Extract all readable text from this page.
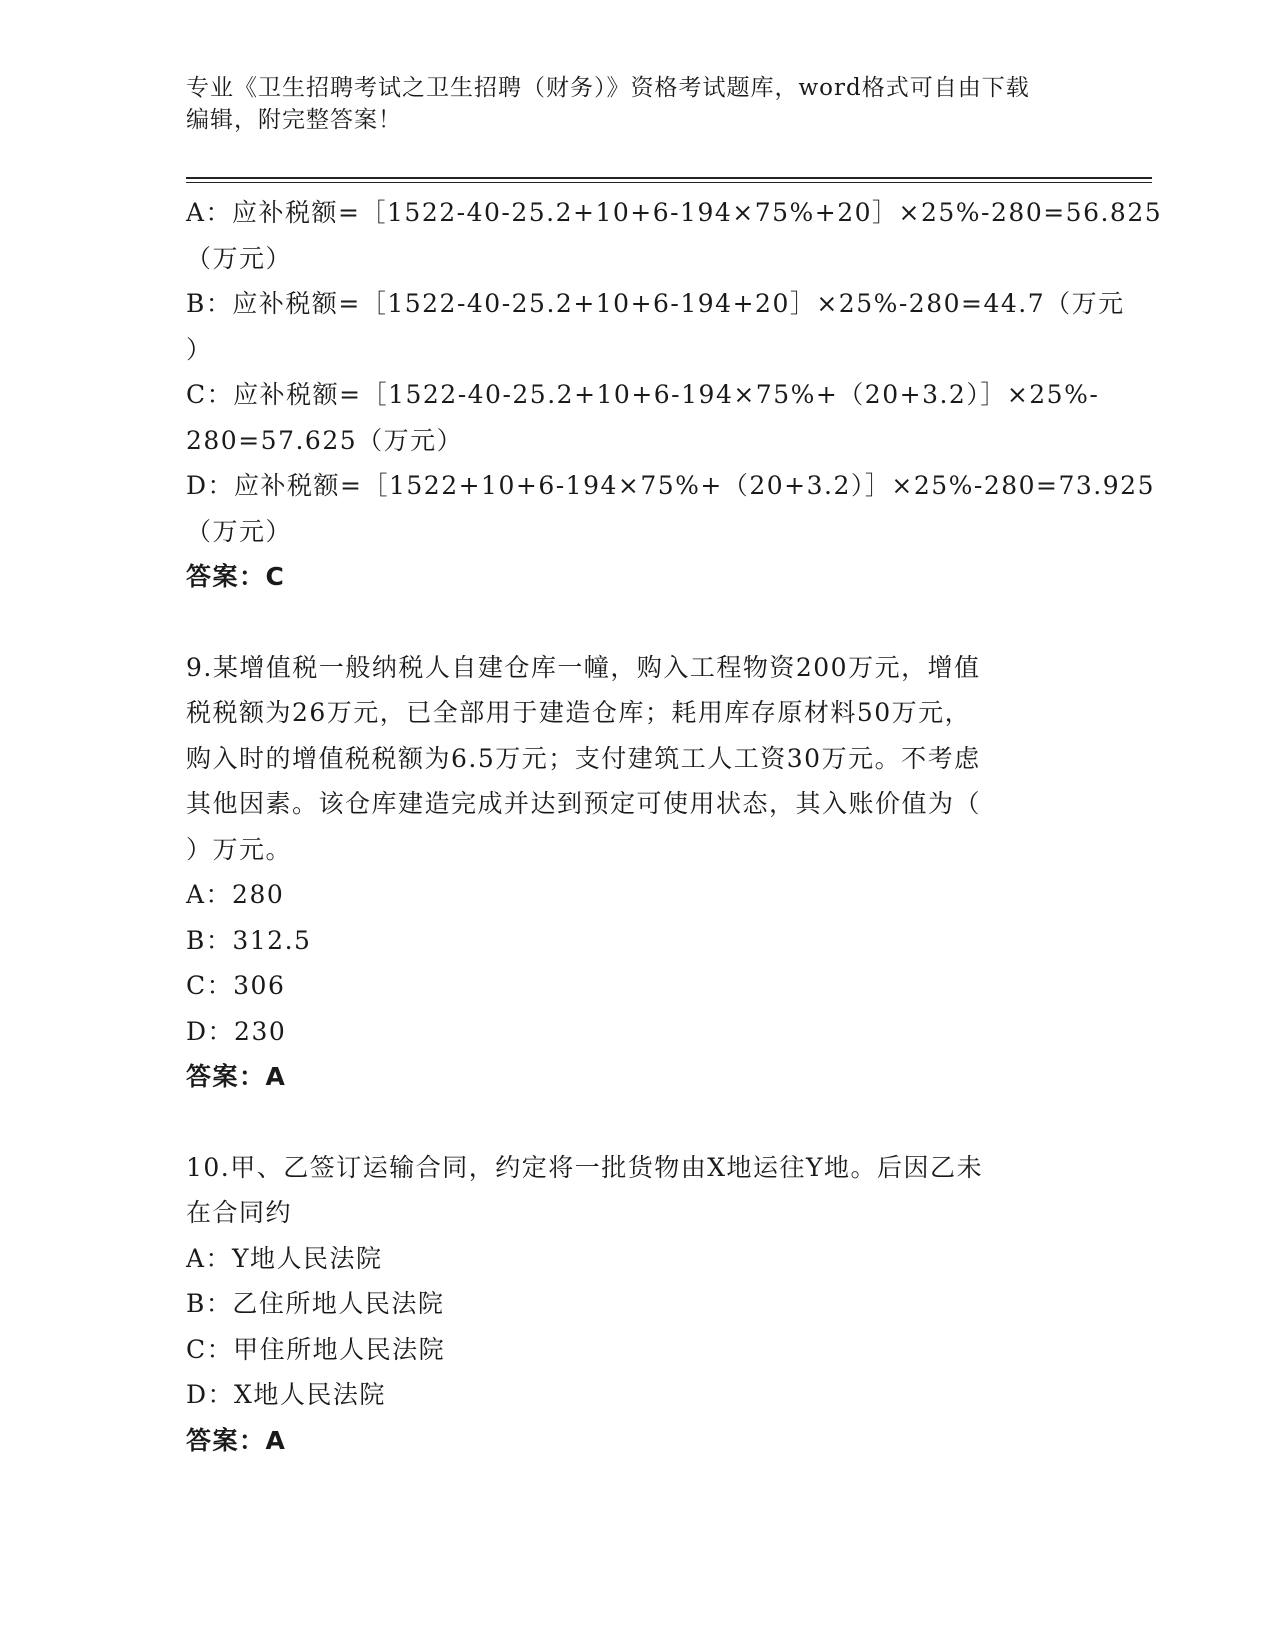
专业《卫生招聘考试之卫生招聘（财务）》资格考试题库，word格式可自由下载
编辑，附完整答案！
A：应补税额=［1522-40-25.2+10+6-194×75%+20］×25%-280=56.825
（万元）
B：应补税额=［1522-40-25.2+10+6-194+20］×25%-280=44.7（万元
）
C：应补税额=［1522-40-25.2+10+6-194×75%+（20+3.2）］×25%-
280=57.625（万元）
D：应补税额=［1522+10+6-194×75%+（20+3.2）］×25%-280=73.925
（万元）
答案：C
9.某增值税一般纳税人自建仓库一幢，购入工程物资200万元，增值
税税额为26万元，已全部用于建造仓库；耗用库存原材料50万元，
购入时的增值税税额为6.5万元；支付建筑工人工资30万元。不考虑
其他因素。该仓库建造完成并达到预定可使用状态，其入账价值为（
）万元。
A：280
B：312.5
C：306
D：230
答案：A
10.甲、乙签订运输合同，约定将一批货物由X地运往Y地。后因乙未
在合同约
A：Y地人民法院
B：乙住所地人民法院
C：甲住所地人民法院
D：X地人民法院
答案：A
